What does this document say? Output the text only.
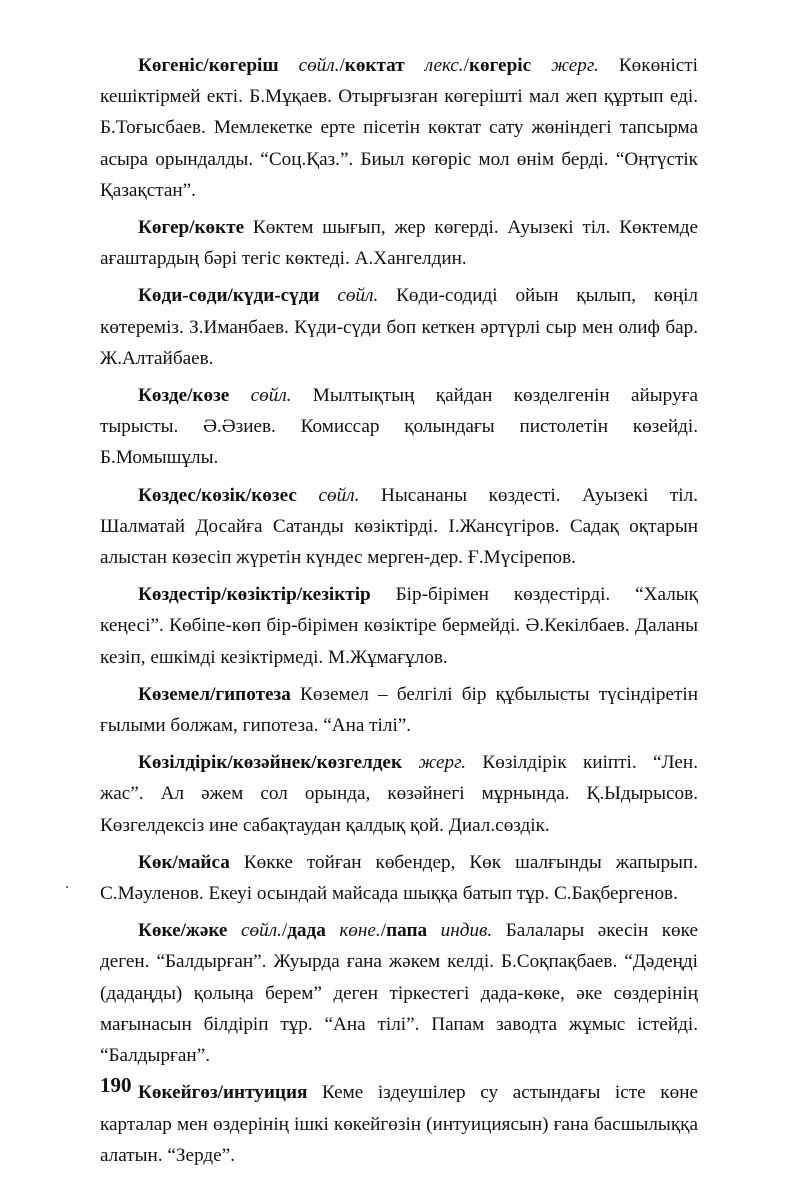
Көгеніс/көгеріш сөйл./көктат лекс./көгеріс жерг. Көкөністі кешіктірмей екті. Б.Мұқаев. Отырғызған көгерішті мал жеп құртып еді. Б.Тоғысбаев. Мемлекетке ерте пісетін көктат сату жөніндегі тапсырма асыра орындалды. “Соц.Қаз.”. Биыл көгөріс мол өнім берді. “Оңтүстік Қазақстан”.

Көгер/көкте Көктем шығып, жер көгерді. Ауызекі тіл. Көктемде ағаштардың бәрі тегіс көктеді. А.Хангелдин.

Көди-сөди/күди-сүди сөйл. Көди-содиді ойын қылып, көңіл көтереміз. З.Иманбаев. Күди-сүди боп кеткен әртүрлі сыр мен олиф бар. Ж.Алтайбаев.

Көзде/көзе сөйл. Мылтықтың қайдан көзделгенін айыруға тырысты. Ә.Әзиев. Комиссар қолындағы пистолетін көзейді. Б.Момышұлы.

Көздес/көзік/көзес сөйл. Нысананы көздесті. Ауызекі тіл. Шалматай Досайға Сатанды көзіктірді. І.Жансүгіров. Садақ оқтарын алыстан көзесіп жүретін күндес мерген-дер. Ғ.Мүсірепов.

Көздестір/көзіктір/кезіктір Бір-бірімен көздестірді. “Халық кеңесі”. Көбіпе-көп бір-бірімен көзіктіре бермейді. Ә.Кекілбаев. Даланы кезіп, ешкімді кезіктірмеді. М.Жұмағұлов.

Көземел/гипотеза Көземел – белгілі бір құбылысты түсіндіретін ғылыми болжам, гипотеза. “Ана тілі”.

Көзілдірік/көзәйнек/көзгелдек жерг. Көзілдірік киіпті. “Лен. жас”. Ал әжем сол орында, көзәйнегі мұрнында. Қ.Ыдырысов. Көзгелдексіз ине сабақтаудан қалдық қой. Диал.сөздік.

Көк/майса Көкке тойған көбендер, Көк шалғынды жапырып. С.Мәуленов. Екеуі осындай майсада шыққа батып тұр. С.Бақбергенов.

Көке/жәке сөйл./дада көне./папа индив. Балалары әкесін көке деген. “Балдырған”. Жуырда ғана жәкем келді. Б.Соқпақбаев. “Дәдеңді (дадаңды) қолыңа берем” деген тіркестегі дада-көке, әке сөздерінің мағынасын білдіріп тұр. “Ана тілі”. Папам заводта жұмыс істейді. “Балдырған”.

Көкейгөз/интуиция Кеме іздеушілер су астындағы істе көне карталар мен өздерінің ішкі көкейгөзін (интуициясын) ғана басшылыққа алатын. “Зерде”.

190
